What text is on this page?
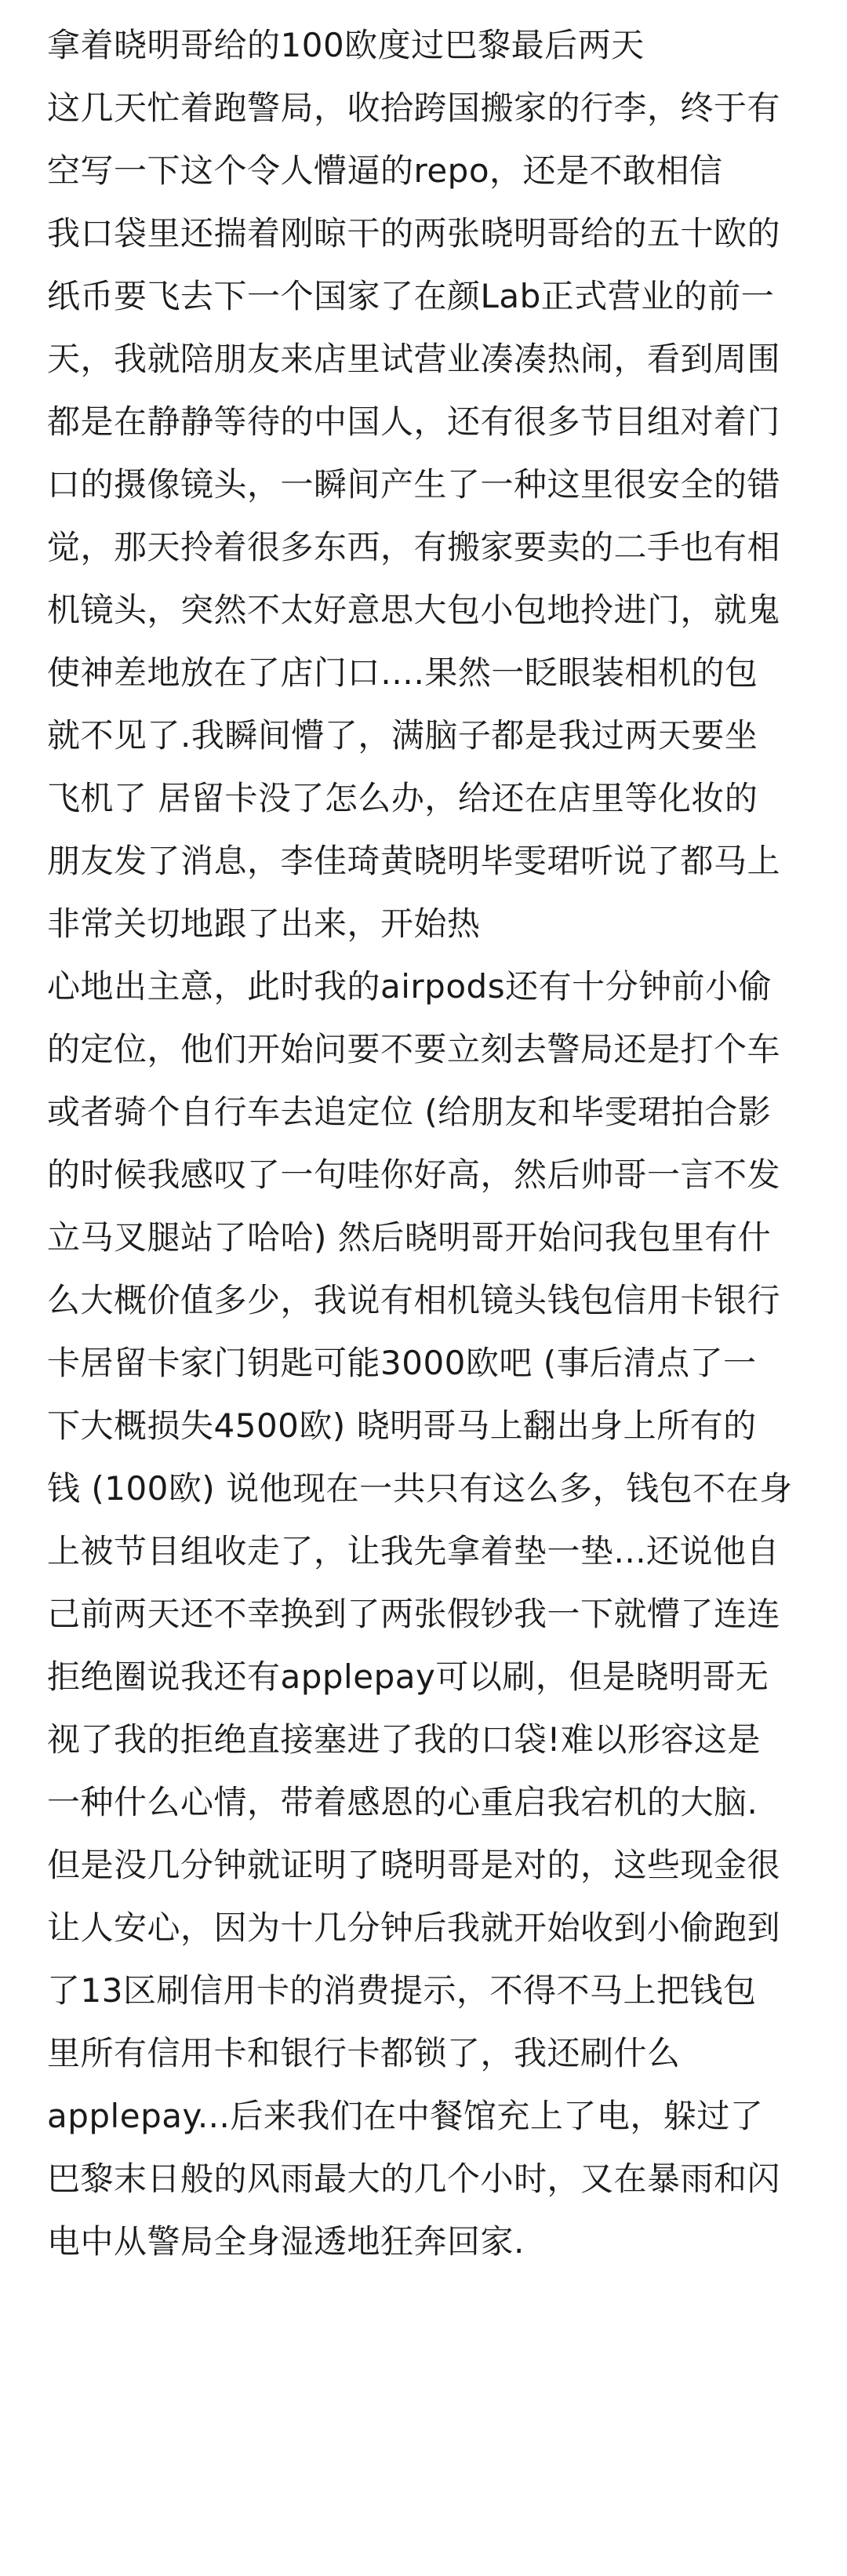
拿着晓明哥给的100欧度过巴黎最后两天
这几天忙着跑警局，收拾跨国搬家的行李，终于有
空写一下这个令人懵逼的repo，还是不敢相信
我口袋里还揣着刚晾干的两张晓明哥给的五十欧的
纸币要飞去下一个国家了在颜Lab正式营业的前一
天，我就陪朋友来店里试营业凑凑热闹，看到周围
都是在静静等待的中国人，还有很多节目组对着门
口的摄像镜头，一瞬间产生了一种这里很安全的错
觉，那天拎着很多东西，有搬家要卖的二手也有相
机镜头，突然不太好意思大包小包地拎进门，就鬼
使神差地放在了店门口….果然一眨眼装相机的包
就不见了.我瞬间懵了，满脑子都是我过两天要坐
飞机了 居留卡没了怎么办，给还在店里等化妆的
朋友发了消息，李佳琦黄晓明毕雯珺听说了都马上
非常关切地跟了出来，开始热
心地出主意，此时我的airpods还有十分钟前小偷
的定位，他们开始问要不要立刻去警局还是打个车
或者骑个自行车去追定位 (给朋友和毕雯珺拍合影
的时候我感叹了一句哇你好高，然后帅哥一言不发
立马叉腿站了哈哈) 然后晓明哥开始问我包里有什
么大概价值多少，我说有相机镜头钱包信用卡银行
卡居留卡家门钥匙可能3000欧吧 (事后清点了一
下大概损失4500欧) 晓明哥马上翻出身上所有的
钱 (100欧) 说他现在一共只有这么多，钱包不在身
上被节目组收走了，让我先拿着垫一垫...还说他自
己前两天还不幸换到了两张假钞我一下就懵了连连
拒绝圈说我还有applepay可以刷，但是晓明哥无
视了我的拒绝直接塞进了我的口袋!难以形容这是
一种什么心情，带着感恩的心重启我宕机的大脑.
但是没几分钟就证明了晓明哥是对的，这些现金很
让人安心，因为十几分钟后我就开始收到小偷跑到
了13区刷信用卡的消费提示，不得不马上把钱包
里所有信用卡和银行卡都锁了，我还刷什么
applepay...后来我们在中餐馆充上了电，躲过了
巴黎末日般的风雨最大的几个小时，又在暴雨和闪
电中从警局全身湿透地狂奔回家.
